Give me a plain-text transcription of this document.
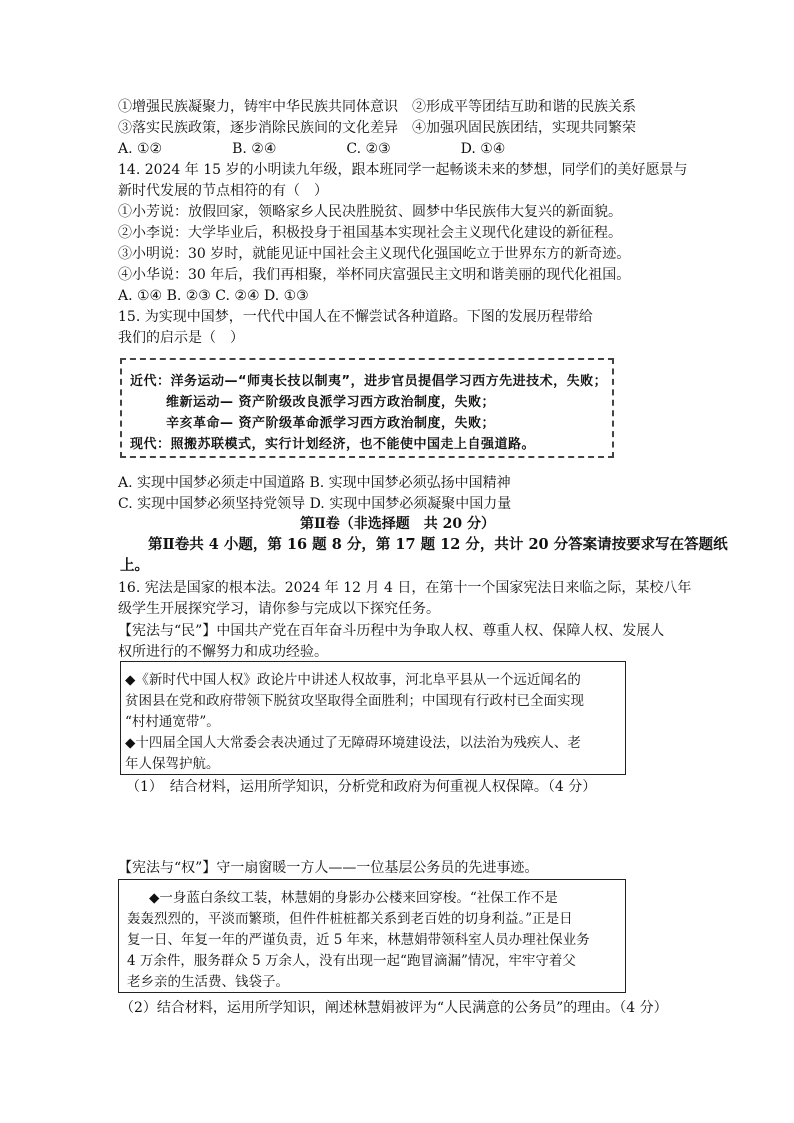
①增强民族凝聚力，铸牢中华民族共同体意识　②形成平等团结互助和谐的民族关系
③落实民族政策，逐步消除民族间的文化差异　④加强巩固民族团结，实现共同繁荣
A. ①②　　　　　B. ②④　　　　　C. ②③　　　　　D. ①④
14. 2024 年 15 岁的小明读九年级，跟本班同学一起畅谈未来的梦想，同学们的美好愿景与
新时代发展的节点相符的有（　）
①小芳说：放假回家，领略家乡人民决胜脱贫、圆梦中华民族伟大复兴的新面貌。
②小李说：大学毕业后，积极投身于祖国基本实现社会主义现代化建设的新征程。
③小明说：30 岁时，就能见证中国社会主义现代化强国屹立于世界东方的新奇迹。
④小华说：30 年后，我们再相聚，举杯同庆富强民主文明和谐美丽的现代化祖国。
A. ①④ B. ②③ C. ②④ D. ①③
15. 为实现中国梦，一代代中国人在不懈尝试各种道路。下图的发展历程带给
我们的启示是（　）
近代：洋务运动—“师夷长技以制夷”，进步官员提倡学习西方先进技术，失败；
维新运动— 资产阶级改良派学习西方政治制度，失败；
辛亥革命— 资产阶级革命派学习西方政治制度，失败；
现代：照搬苏联模式，实行计划经济，也不能使中国走上自强道路。
A. 实现中国梦必须走中国道路 B. 实现中国梦必须弘扬中国精神
C. 实现中国梦必须坚持党领导 D. 实现中国梦必须凝聚中国力量
第Ⅱ卷（非选择题　共 20 分）
第Ⅱ卷共 4 小题，第 16 题 8 分，第 17 题 12 分，共计 20 分答案请按要求写在答题纸
上。
16. 宪法是国家的根本法。2024 年 12 月 4 日，在第十一个国家宪法日来临之际，某校八年
级学生开展探究学习，请你参与完成以下探究任务。
【宪法与“民”】中国共产党在百年奋斗历程中为争取人权、尊重人权、保障人权、发展人
权所进行的不懈努力和成功经验。
◆《新时代中国人权》政论片中讲述人权故事，河北阜平县从一个远近闻名的
贫困县在党和政府带领下脱贫攻坚取得全面胜利；中国现有行政村已全面实现
“村村通宽带”。
◆十四届全国人大常委会表决通过了无障碍环境建设法，以法治为残疾人、老
年人保驾护航。
（1）　结合材料，运用所学知识，分析党和政府为何重视人权保障。（4 分）
【宪法与“权”】守一扇窗暖一方人——一位基层公务员的先进事迹。
◆一身蓝白条纹工装，林慧娟的身影办公楼来回穿梭。“社保工作不是
轰轰烈烈的，平淡而繁琐，但件件桩桩都关系到老百姓的切身利益。”正是日
复一日、年复一年的严谨负责，近 5 年来，林慧娟带领科室人员办理社保业务
4 万余件，服务群众 5 万余人，没有出现一起“跑冒滴漏”情况，牢牢守着父
老乡亲的生活费、钱袋子。
（2）结合材料，运用所学知识，阐述林慧娟被评为“人民满意的公务员”的理由。（4 分）
